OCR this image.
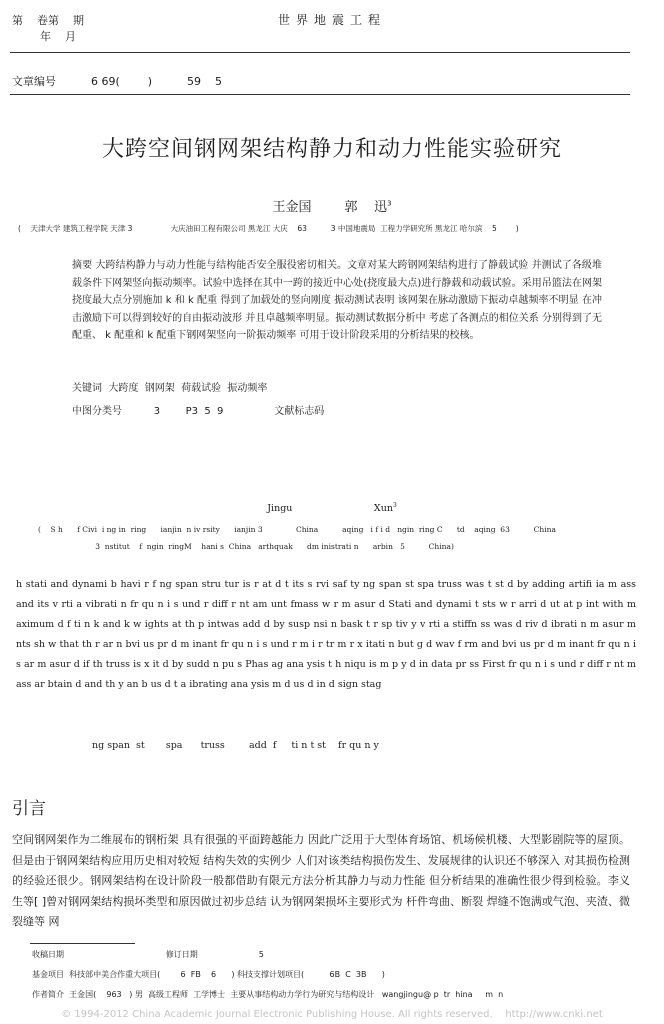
第    卷第    期
年    月
世界地震工程
文章编号          6 69(        )          59    5
大跨空间钢网架结构静力和动力性能实验研究
王金国        郭    迅$^3$
(    天津大学 建筑工程学院 天津 3                大庆油田工程有限公司 黑龙江 大庆    63          3 中国地震局  工程力学研究所 黑龙江 哈尔滨    5        )
摘要 大跨结构静力与动力性能与结构能否安全服役密切相关。文章对某大跨钢网架结构进行了静载试验 并测试了各级堆载条件下网架竖向振动频率。试验中选择在其中一跨的接近中心处(挠度最大点)进行静载和动载试验。采用吊篮法在网架挠度最大点分别施加 k 和 k 配重 得到了加载处的竖向刚度 振动测试表明 该网架在脉动激励下振动卓越频率不明显 在冲击激励下可以得到较好的自由振动波形 并且卓越频率明显。振动测试数据分析中 考虑了各测点的相位关系 分别得到了无配重、 k 配重和 k 配重下钢网架竖向一阶振动频率 可用于设计阶段采用的分析结果的校核。
关键词  大跨度  钢网架  荷载试验  振动频率
中图分类号          3        P3  5  9                文献标志码
Jingu                           Xun$^3$
(    S h      f Civi  i ng in  ring      ianjin  n iv rsity      ianjin 3              China          aqing   i f i d   ngin  ring C      td    aqing  63          China
3  nstitut    f  ngin  ringM    hani s  China   arthquak      dm inistrati n      arbin   5          China)
h stati and dynami b havi r f ng span stru tur is r at d t its s rvi saf ty ng span st spa truss was t st d by adding artifi ia m ass and its v rti a vibrati n fr qu n i s und r diff r nt am unt fmass w r m asur d Stati and dynami t sts w r arri d ut at p int with m aximum d f ti n k and k w ights at th p intwas add d by susp nsi n bask t r sp tiv y v rti a stiffn ss was d riv d ibrati n m asur m nts sh w that th r ar n bvi us pr d m inant fr qu n i s und r m i r tr m r x itati n but g d wav f rm and bvi us pr d m inant fr qu n i s ar m asur d if th truss is x it d by sudd n pu s Phas ag ana ysis t h niqu is m p y d in data pr ss First fr qu n i s und r diff r nt m ass ar btain d and th y an b us d t a ibrating ana ysis m d us d in d sign stag
ng span  st       spa      truss        add  f     ti n t st    fr qu n y
引言
空间钢网架作为二维展布的钢桁架 具有很强的平面跨越能力 因此广泛用于大型体育场馆、机场候机楼、大型影剧院等的屋顶。但是由于钢网架结构应用历史相对较短 结构失效的实例少 人们对该类结构损伤发生、发展规律的认识还不够深入 对其损伤检测的经验还很少。钢网架结构在设计阶段一般都借助有限元方法分析其静力与动力性能 但分析结果的准确性很少得到检验。李义生等[ ]曾对钢网架结构损坏类型和原因做过初步总结 认为钢网架损坏主要形式为 杆件弯曲、断裂 焊缝不饱满或气泡、夹渣、微裂缝等 网
收稿日期                                        修订日期                        5
基金项目  科技部中美合作重大项目(        6  FB    6      ) 科技支撑计划项目(          6B  C  3B      )
作者简介  王金国(    963   ) 男  高级工程师  工学博士  主要从事结构动力学行为研究与结构设计   wangjingu@ p  tr  hina     m  n
© 1994-2012 China Academic Journal Electronic Publishing House. All rights reserved.    http://www.cnki.net
